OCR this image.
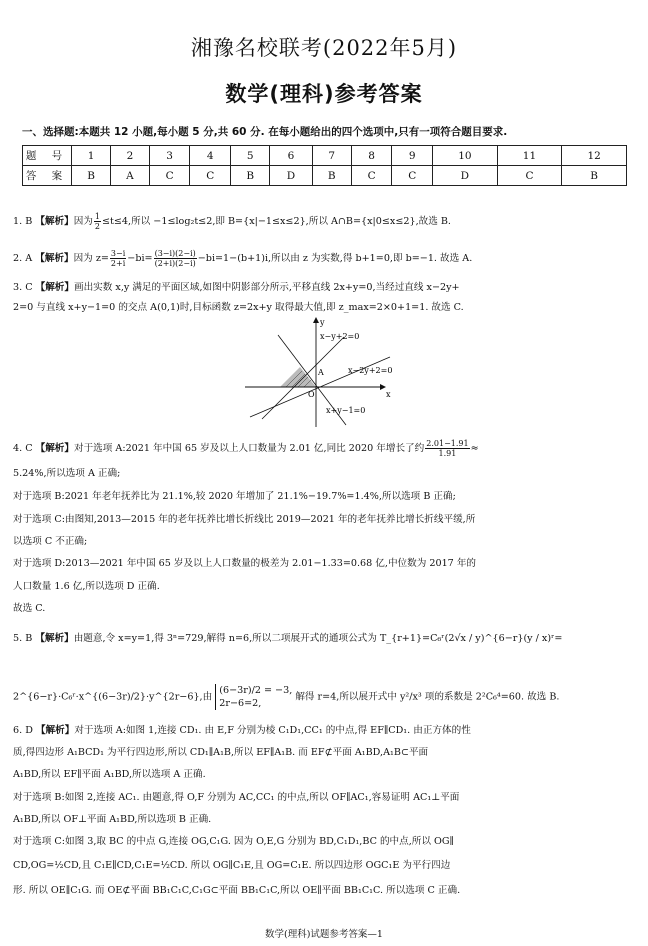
湘豫名校联考(2022年5月)
数学(理科)参考答案
一、选择题:本题共 12 小题,每小题 5 分,共 60 分. 在每小题给出的四个选项中,只有一项符合题目要求.
题 号	1	2	3	4	5	6	7	8	9	10	11	12
答 案	B	A	C	C	B	D	B	C	C	D	C	B
1. B 【解析】因为 $\frac{1}{2} \le t\le 4$,所以 −1≤log₂t≤2,即 B={x|−1≤x≤2},所以 A∩B={x|0≤x≤2},故选 B.
2. A 【解析】因为 $z= \frac{3-i}{2+i} -bi= \frac{(3-i)(2-i)}{(2+i)(2-i)} -bi=1-(b+1)i$,所以由 z 为实数,得 b+1=0,即 b=−1. 故选 A.
3. C 【解析】画出实数 x,y 满足的平面区域,如图中阴影部分所示,平移直线 2x+y=0,当经过直线 x−2y+
2=0 与直线 x+y−1=0 的交点 A(0,1)时,目标函数 z=2x+y 取得最大值,即 z_max=2×0+1=1. 故选 C.
x−y+2=0
x−2y+2=0
x+y−1=0
A
O	x
y
4. C 【解析】对于选项 A:2021 年中国 65 岁及以上人口数量为 2.01 亿,同比 2020 年增长了约 $\frac{2.01-1.91}{1.91}$ ≈
5.24%,所以选项 A 正确;
对于选项 B:2021 年老年抚养比为 21.1%,较 2020 年增加了 21.1%−19.7%=1.4%,所以选项 B 正确;
对于选项 C:由图知,2013—2015 年的老年抚养比增长折线比 2019—2021 年的老年抚养比增长折线平缓,所
以选项 C 不正确;
对于选项 D:2013—2021 年中国 65 岁及以上人口数量的极差为 2.01−1.33=0.68 亿,中位数为 2017 年的
人口数量 1.6 亿,所以选项 D 正确.
故选 C.
5. B 【解析】由题意,令 x=y=1,得 3ⁿ=729,解得 n=6,所以二项展开式的通项公式为 T_{r+1}=C₆ʳ(2√x / y)^{6−r}(y / x)ʳ=
2^{6−r}·C₆ʳ·x^{(6−3r)/2}·y^{2r−6},由
(6−3r)/2 = −3,
2r−6=2,
解得 r=4,所以展开式中 y²/x³ 项的系数是 2²C₆⁴=60. 故选 B.
6. D 【解析】对于选项 A:如图 1,连接 CD₁. 由 E,F 分别为棱 C₁D₁,CC₁ 的中点,得 EF∥CD₁. 由正方体的性
质,得四边形 A₁BCD₁ 为平行四边形,所以 CD₁∥A₁B,所以 EF∥A₁B. 而 EF⊄平面 A₁BD,A₁B⊂平面
A₁BD,所以 EF∥平面 A₁BD,所以选项 A 正确.
对于选项 B:如图 2,连接 AC₁. 由题意,得 O,F 分别为 AC,CC₁ 的中点,所以 OF∥AC₁,容易证明 AC₁⊥平面
A₁BD,所以 OF⊥平面 A₁BD,所以选项 B 正确.
对于选项 C:如图 3,取 BC 的中点 G,连接 OG,C₁G. 因为 O,E,G 分别为 BD,C₁D₁,BC 的中点,所以 OG∥
CD,OG=½CD,且 C₁E∥CD,C₁E=½CD. 所以 OG∥C₁E,且 OG=C₁E. 所以四边形 OGC₁E 为平行四边
形. 所以 OE∥C₁G. 而 OE⊄平面 BB₁C₁C,C₁G⊂平面 BB₁C₁C,所以 OE∥平面 BB₁C₁C. 所以选项 C 正确.
数学(理科)试题参考答案—1
